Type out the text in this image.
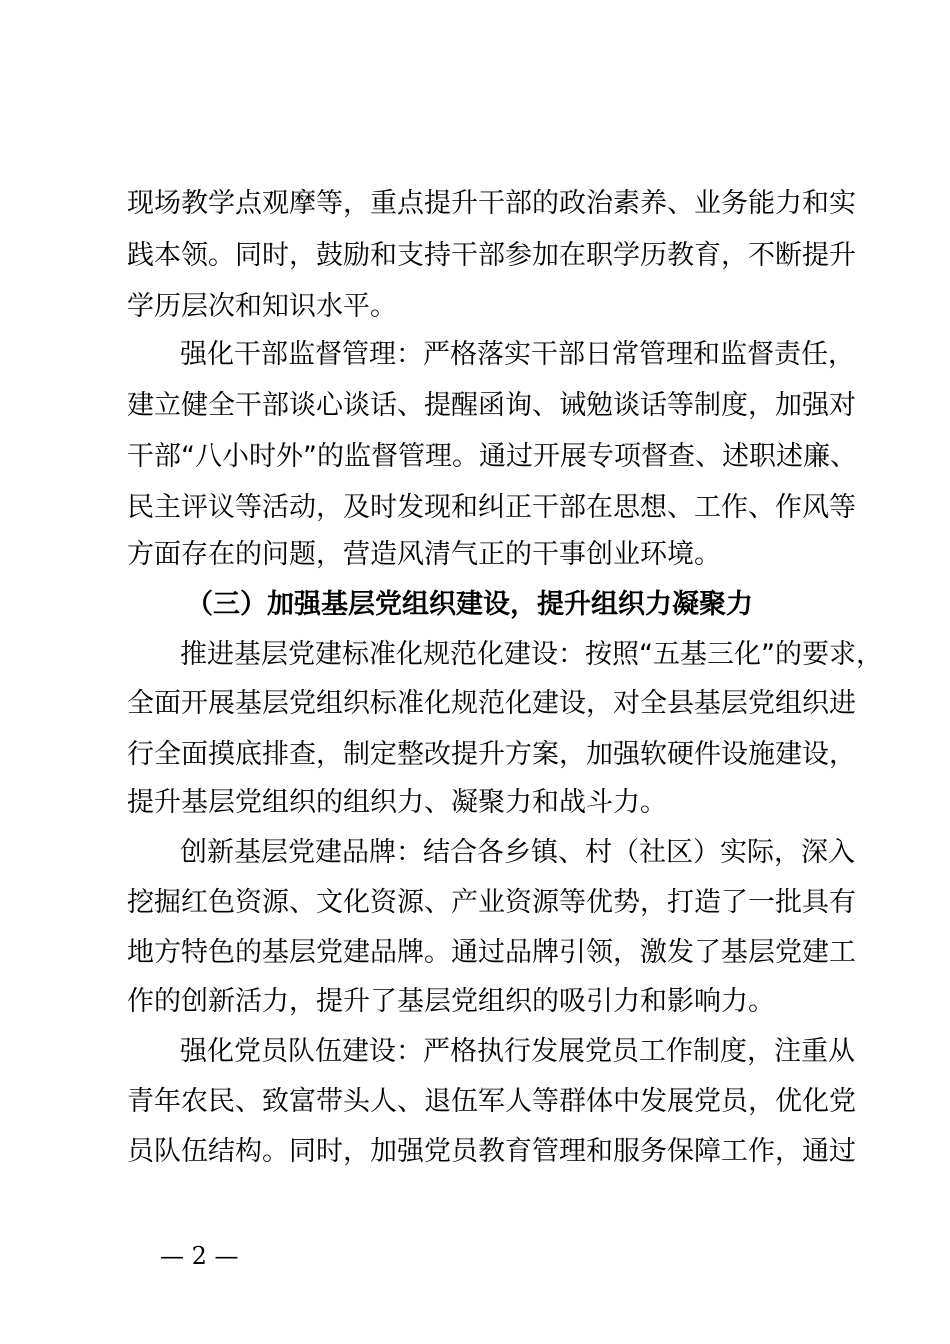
现场教学点观摩等，重点提升干部的政治素养、业务能力和实
践本领。同时，鼓励和支持干部参加在职学历教育，不断提升
学历层次和知识水平。
强化干部监督管理：严格落实干部日常管理和监督责任，
建立健全干部谈心谈话、提醒函询、诫勉谈话等制度，加强对
干部“八小时外”的监督管理。通过开展专项督查、述职述廉、
民主评议等活动，及时发现和纠正干部在思想、工作、作风等
方面存在的问题，营造风清气正的干事创业环境。
（三）加强基层党组织建设，提升组织力凝聚力
推进基层党建标准化规范化建设：按照“五基三化”的要求，
全面开展基层党组织标准化规范化建设，对全县基层党组织进
行全面摸底排查，制定整改提升方案，加强软硬件设施建设，
提升基层党组织的组织力、凝聚力和战斗力。
创新基层党建品牌：结合各乡镇、村（社区）实际，深入
挖掘红色资源、文化资源、产业资源等优势，打造了一批具有
地方特色的基层党建品牌。通过品牌引领，激发了基层党建工
作的创新活力，提升了基层党组织的吸引力和影响力。
强化党员队伍建设：严格执行发展党员工作制度，注重从
青年农民、致富带头人、退伍军人等群体中发展党员，优化党
员队伍结构。同时，加强党员教育管理和服务保障工作，通过
— 2 —
